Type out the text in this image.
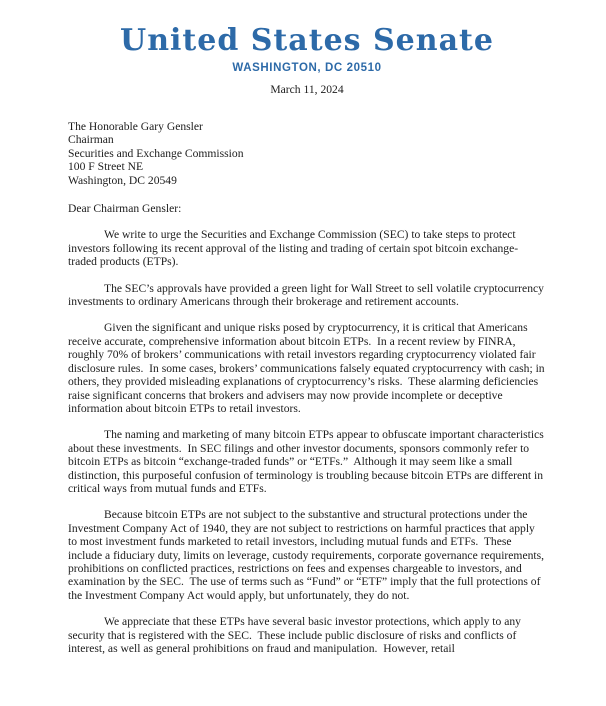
United States Senate
WASHINGTON, DC 20510
March 11, 2024
The Honorable Gary Gensler
Chairman
Securities and Exchange Commission
100 F Street NE
Washington, DC 20549
Dear Chairman Gensler:

We write to urge the Securities and Exchange Commission (SEC) to take steps to protect investors following its recent approval of the listing and trading of certain spot bitcoin exchange-traded products (ETPs).

The SEC’s approvals have provided a green light for Wall Street to sell volatile cryptocurrency investments to ordinary Americans through their brokerage and retirement accounts.

Given the significant and unique risks posed by cryptocurrency, it is critical that Americans receive accurate, comprehensive information about bitcoin ETPs.  In a recent review by FINRA, roughly 70% of brokers’ communications with retail investors regarding cryptocurrency violated fair disclosure rules.  In some cases, brokers’ communications falsely equated cryptocurrency with cash; in others, they provided misleading explanations of cryptocurrency’s risks.  These alarming deficiencies raise significant concerns that brokers and advisers may now provide incomplete or deceptive information about bitcoin ETPs to retail investors.

The naming and marketing of many bitcoin ETPs appear to obfuscate important characteristics about these investments.  In SEC filings and other investor documents, sponsors commonly refer to bitcoin ETPs as bitcoin “exchange-traded funds” or “ETFs.”  Although it may seem like a small distinction, this purposeful confusion of terminology is troubling because bitcoin ETPs are different in critical ways from mutual funds and ETFs.

Because bitcoin ETPs are not subject to the substantive and structural protections under the Investment Company Act of 1940, they are not subject to restrictions on harmful practices that apply to most investment funds marketed to retail investors, including mutual funds and ETFs.  These include a fiduciary duty, limits on leverage, custody requirements, corporate governance requirements, prohibitions on conflicted practices, restrictions on fees and expenses chargeable to investors, and examination by the SEC.  The use of terms such as “Fund” or “ETF” imply that the full protections of the Investment Company Act would apply, but unfortunately, they do not.

We appreciate that these ETPs have several basic investor protections, which apply to any security that is registered with the SEC.  These include public disclosure of risks and conflicts of interest, as well as general prohibitions on fraud and manipulation.  However, retail
